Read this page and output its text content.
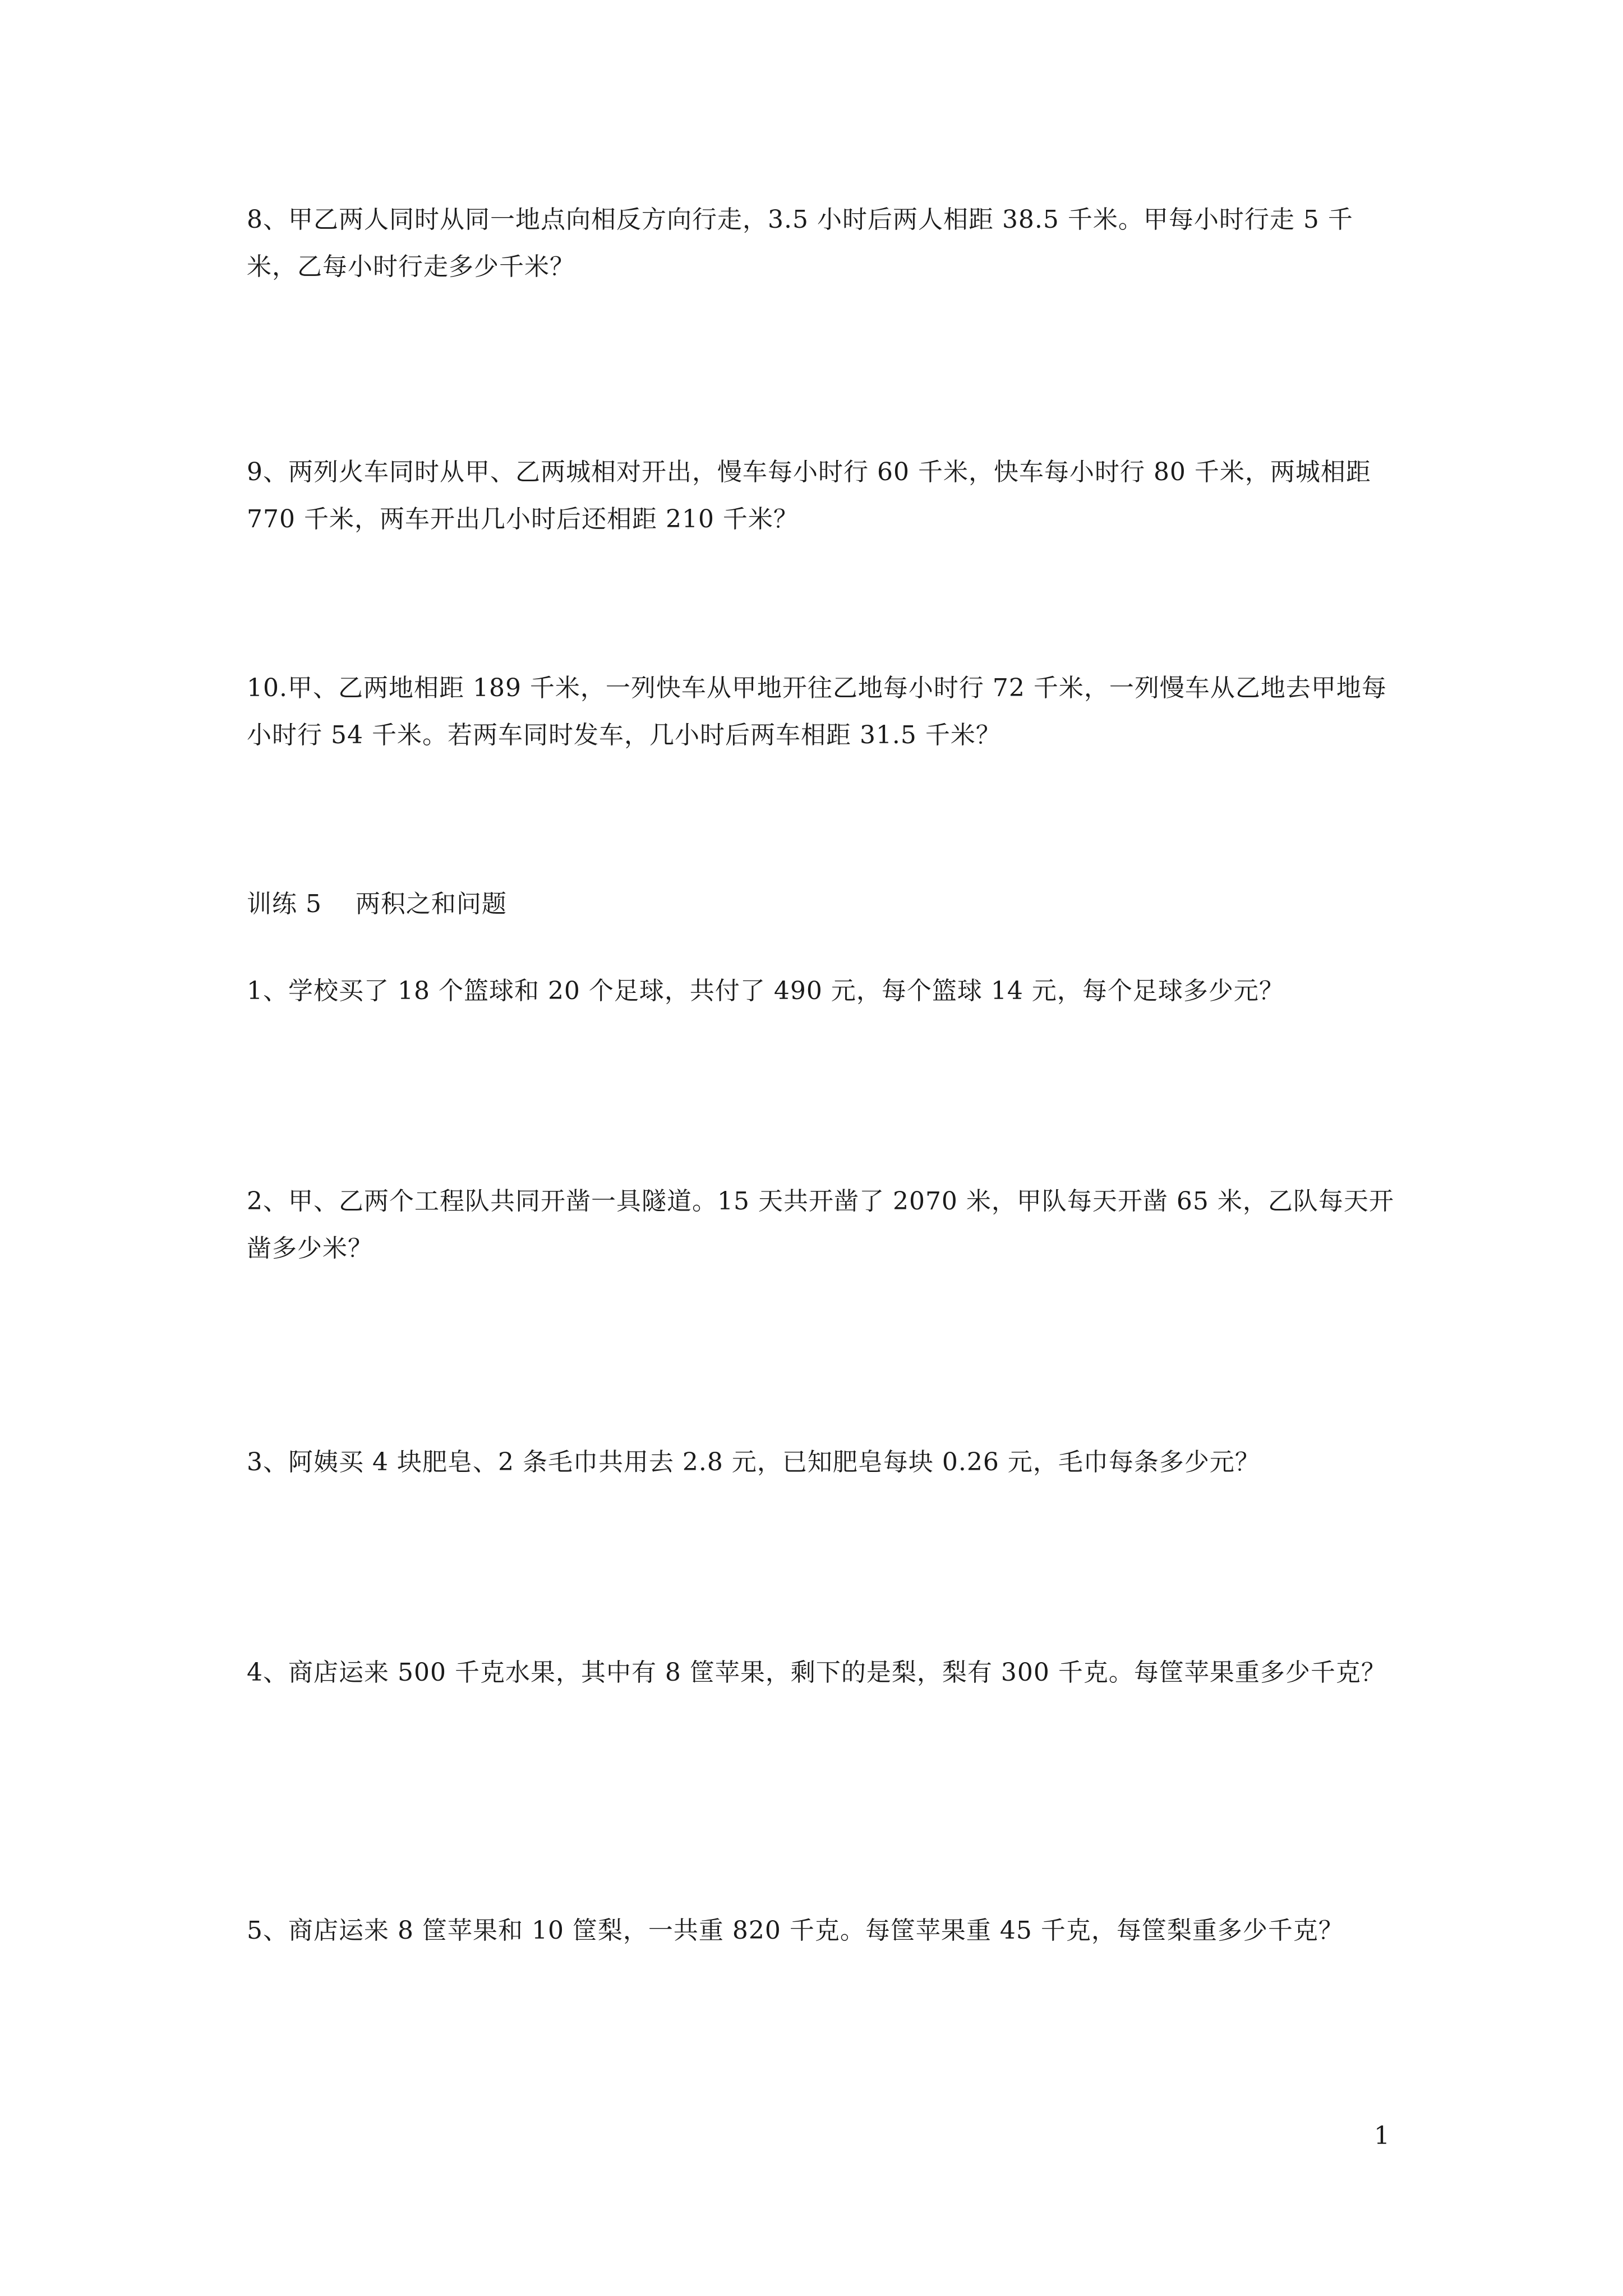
8、甲乙两人同时从同一地点向相反方向行走，3.5 小时后两人相距 38.5 千米。甲每小时行走 5 千米，乙每小时行走多少千米？

9、两列火车同时从甲、乙两城相对开出，慢车每小时行 60 千米，快车每小时行 80 千米，两城相距 770 千米，两车开出几小时后还相距 210 千米？

10.甲、乙两地相距 189 千米，一列快车从甲地开往乙地每小时行 72 千米，一列慢车从乙地去甲地每小时行 54 千米。若两车同时发车，几小时后两车相距 31.5 千米？

训练 5    两积之和问题

1、学校买了 18 个篮球和 20 个足球，共付了 490 元，每个篮球 14 元，每个足球多少元？

2、甲、乙两个工程队共同开凿一具隧道。15 天共开凿了 2070 米，甲队每天开凿 65 米，乙队每天开凿多少米？

3、阿姨买 4 块肥皂、2 条毛巾共用去 2.8 元，已知肥皂每块 0.26 元，毛巾每条多少元？

4、商店运来 500 千克水果，其中有 8 筐苹果，剩下的是梨，梨有 300 千克。每筐苹果重多少千克？

5、商店运来 8 筐苹果和 10 筐梨，一共重 820 千克。每筐苹果重 45 千克，每筐梨重多少千克？

1
